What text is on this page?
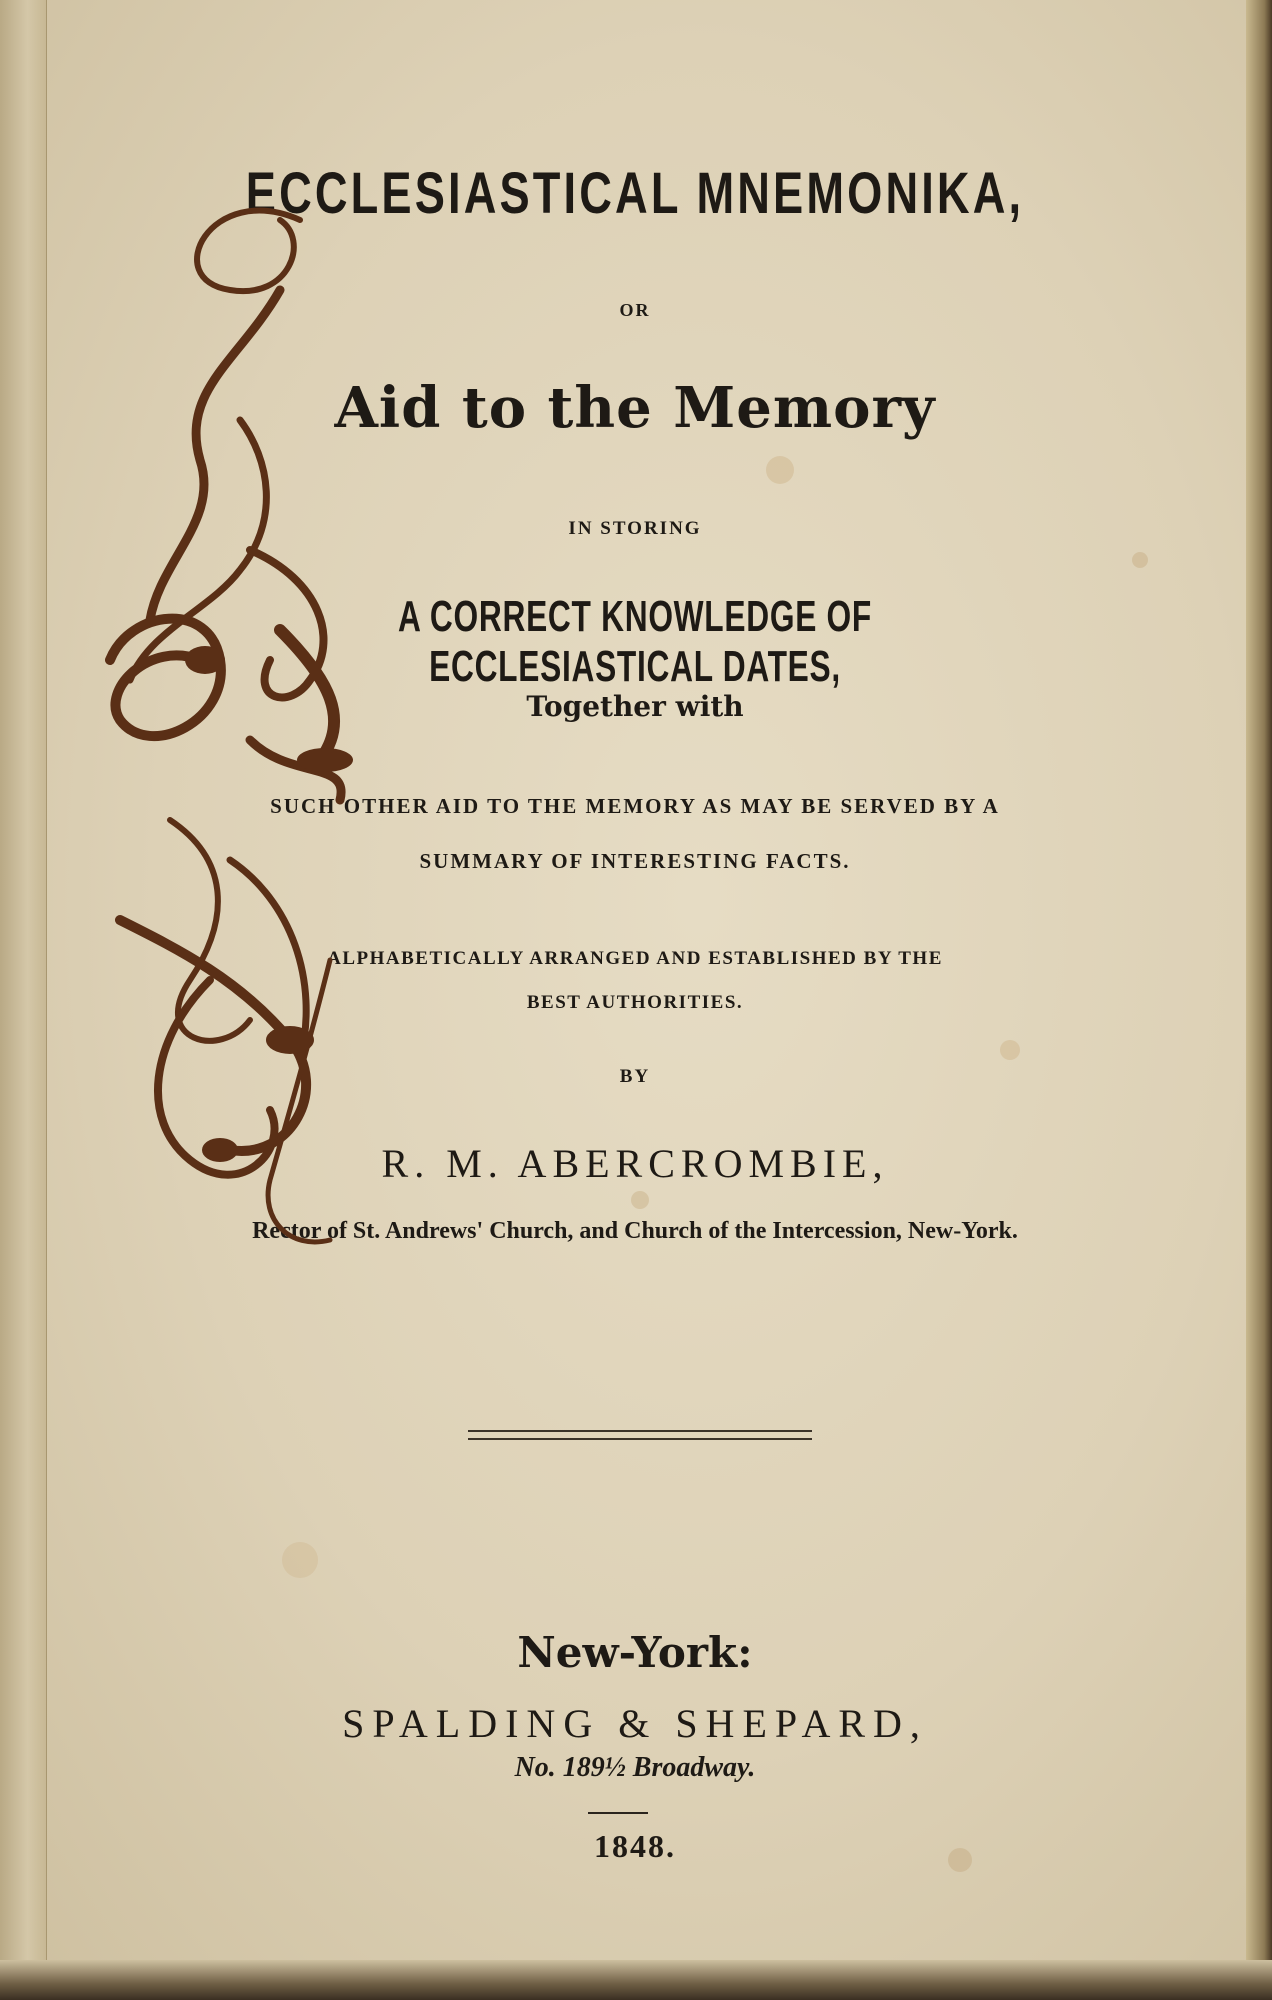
ECCLESIASTICAL MNEMONIKA,
OR
Aid to the Memory
IN STORING
A CORRECT KNOWLEDGE OF ECCLESIASTICAL DATES,
Together with
SUCH OTHER AID TO THE MEMORY AS MAY BE SERVED BY A
SUMMARY OF INTERESTING FACTS.
ALPHABETICALLY ARRANGED AND ESTABLISHED BY THE
BEST AUTHORITIES.
BY
R. M. ABERCROMBIE,
Rector of St. Andrews' Church, and Church of the Intercession, New-York.
New-York:
SPALDING & SHEPARD,
No. 189½ Broadway.
1848.
